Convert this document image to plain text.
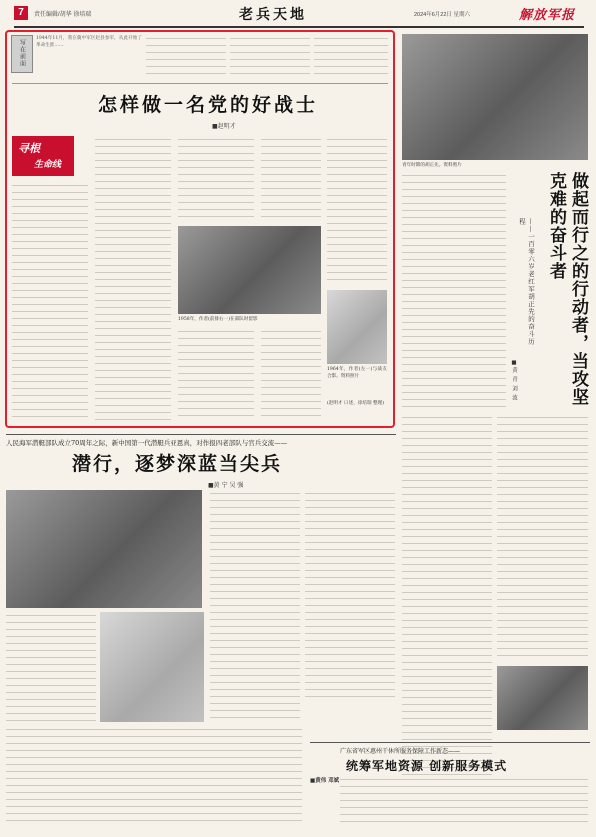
7	责任编辑/胡华 徐培瑞	老兵天地	2024年6月22日 星期六	解放军报
写在前面
1944年11月，我在冀中军区赵县参军，从此开始了革命生涯……
怎样做一名党的好战士
■赵明才
寻根
生命线
1958年，作者(前排右一)在部队时留影
1964年，作者(左一)与战友合影。资料照片
(赵明才 口述，徐培瑞 整理)
青年时期的胡正先。资料照片
做起而行之的行动者，当攻坚克难的奋斗者
——一百零六岁老红军胡正先的奋斗历程
■黄 青 刘 波
人民海军潜艇部队成立70周年之际，新中国第一代潜艇兵亚恩真，对作报四老部队与官兵交流——
潜行，逐梦深蓝当尖兵
■黄 宁 吴 强
广东省军区惠州干休所服务保障工作新态——
统筹军地资源 创新服务模式
■黄伟 邓斌
